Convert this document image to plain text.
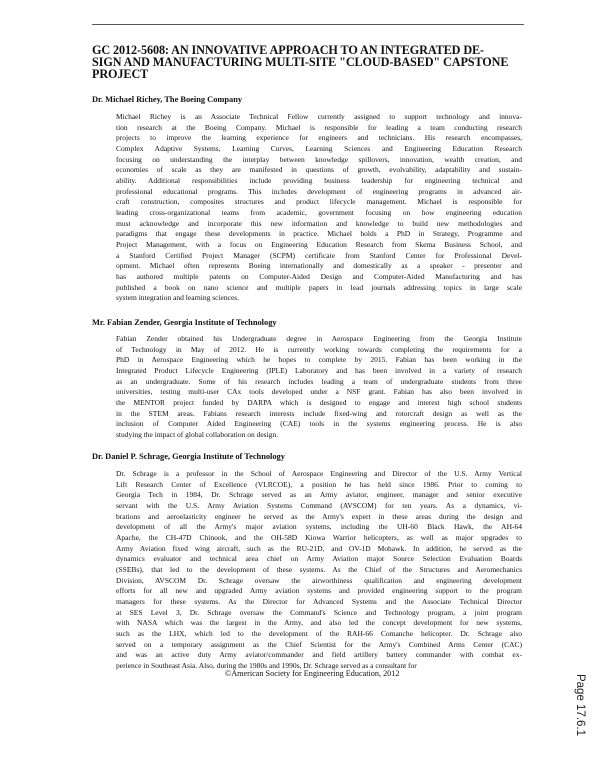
GC 2012-5608: AN INNOVATIVE APPROACH TO AN INTEGRATED DE-
SIGN AND MANUFACTURING MULTI-SITE "CLOUD-BASED" CAPSTONE
PROJECT

Dr. Michael Richey, The Boeing Company

Michael Richey is an Associate Technical Fellow currently assigned to support technology and innova-
tion research at the Boeing Company. Michael is responsible for leading a team conducting research
projects to improve the learning experience for engineers and technicians. His research encompasses,
Complex Adaptive Systems, Learning Curves, Learning Sciences and Engineering Education Research
focusing on understanding the interplay between knowledge spillovers, innovation, wealth creation, and
economies of scale as they are manifested in questions of growth, evolvability, adaptability and sustain-
ability. Additional responsibilities include providing business leadership for engineering technical and
professional educational programs. This includes development of engineering programs in advanced air-
craft construction, composites structures and product lifecycle management. Michael is responsible for
leading cross-organizational teams from academic, government focusing on how engineering education
must acknowledge and incorporate this new information and knowledge to build new methodologies and
paradigms that engage these developments in practice. Michael holds a PhD in Strategy, Programme and
Project Management, with a focus on Engineering Education Research from Skema Business School, and
a Stanford Certified Project Manager (SCPM) certificate from Stanford Center for Professional Devel-
opment. Michael often represents Boeing internationally and domestically as a speaker - presenter and
has authored multiple patents on Computer-Aided Design and Computer-Aided Manufacturing and has
published a book on nano science and multiple papers in lead journals addressing topics in large scale
system integration and learning sciences.

Mr. Fabian Zender, Georgia Institute of Technology

Fabian Zender obtained his Undergraduate degree in Aerospace Engineering from the Georgia Institute
of Technology in May of 2012. He is currently working towards completing the requirements for a
PhD in Aerospace Engineering which he hopes to complete by 2015. Fabian has been working in the
Integrated Product Lifecycle Engineering (IPLE) Laboratory and has been involved in a variety of research
as an undergraduate. Some of his research includes leading a team of undergraduate students from three
universities, testing multi-user CAx tools developed under a NSF grant. Fabian has also been involved in
the MENTOR project funded by DARPA which is designed to engage and interest high school students
in the STEM areas. Fabians research interests include fixed-wing and rotorcraft design as well as the
inclusion of Computer Aided Engineering (CAE) tools in the systems engineering process. He is also
studying the impact of global collaboration on design.

Dr. Daniel P. Schrage, Georgia Institute of Technology

Dr. Schrage is a professor in the School of Aerospace Engineering and Director of the U.S. Army Vertical
Lift Research Center of Excellence (VLRCOE), a position he has held since 1986. Prior to coming to
Georgia Tech in 1984, Dr. Schrage served as an Army aviator, engineer, manager and senior executive
servant with the U.S. Army Aviation Systems Command (AVSCOM) for ten years. As a dynamics, vi-
brations and aeroelasticity engineer he served as the Army's expert in these areas during the design and
development of all the Army's major aviation systems, including the UH-60 Black Hawk, the AH-64
Apache, the CH-47D Chinook, and the OH-58D Kiowa Warrior helicopters, as well as major upgrades to
Army Aviation fixed wing aircraft, such as the RU-21D, and OV-1D Mohawk. In addition, he served as the
dynamics evaluator and technical area chief on Army Aviation major Source Selection Evaluation Boards
(SSEBs), that led to the development of these systems. As the Chief of the Structures and Aeromechanics
Division, AVSCOM Dr. Schrage oversaw the airworthiness qualification and engineering development
efforts for all new and upgraded Army aviation systems and provided engineering support to the program
managers for these systems. As the Director for Advanced Systems and the Associate Technical Director
at SES Level 3, Dr. Schrage oversaw the Command's Science and Technology program, a joint program
with NASA which was the largest in the Army, and also led the concept development for new systems,
such as the LHX, which led to the development of the RAH-66 Comanche helicopter. Dr. Schrage also
served on a temporary assignment as the Chief Scientist for the Army's Combined Arms Center (CAC)
and was an active duty Army aviator/commander and field artillery battery commander with combat ex-
perience in Southeast Asia. Also, during the 1980s and 1990s, Dr. Schrage served as a consultant for

©American Society for Engineering Education, 2012

Page 17.6.1
